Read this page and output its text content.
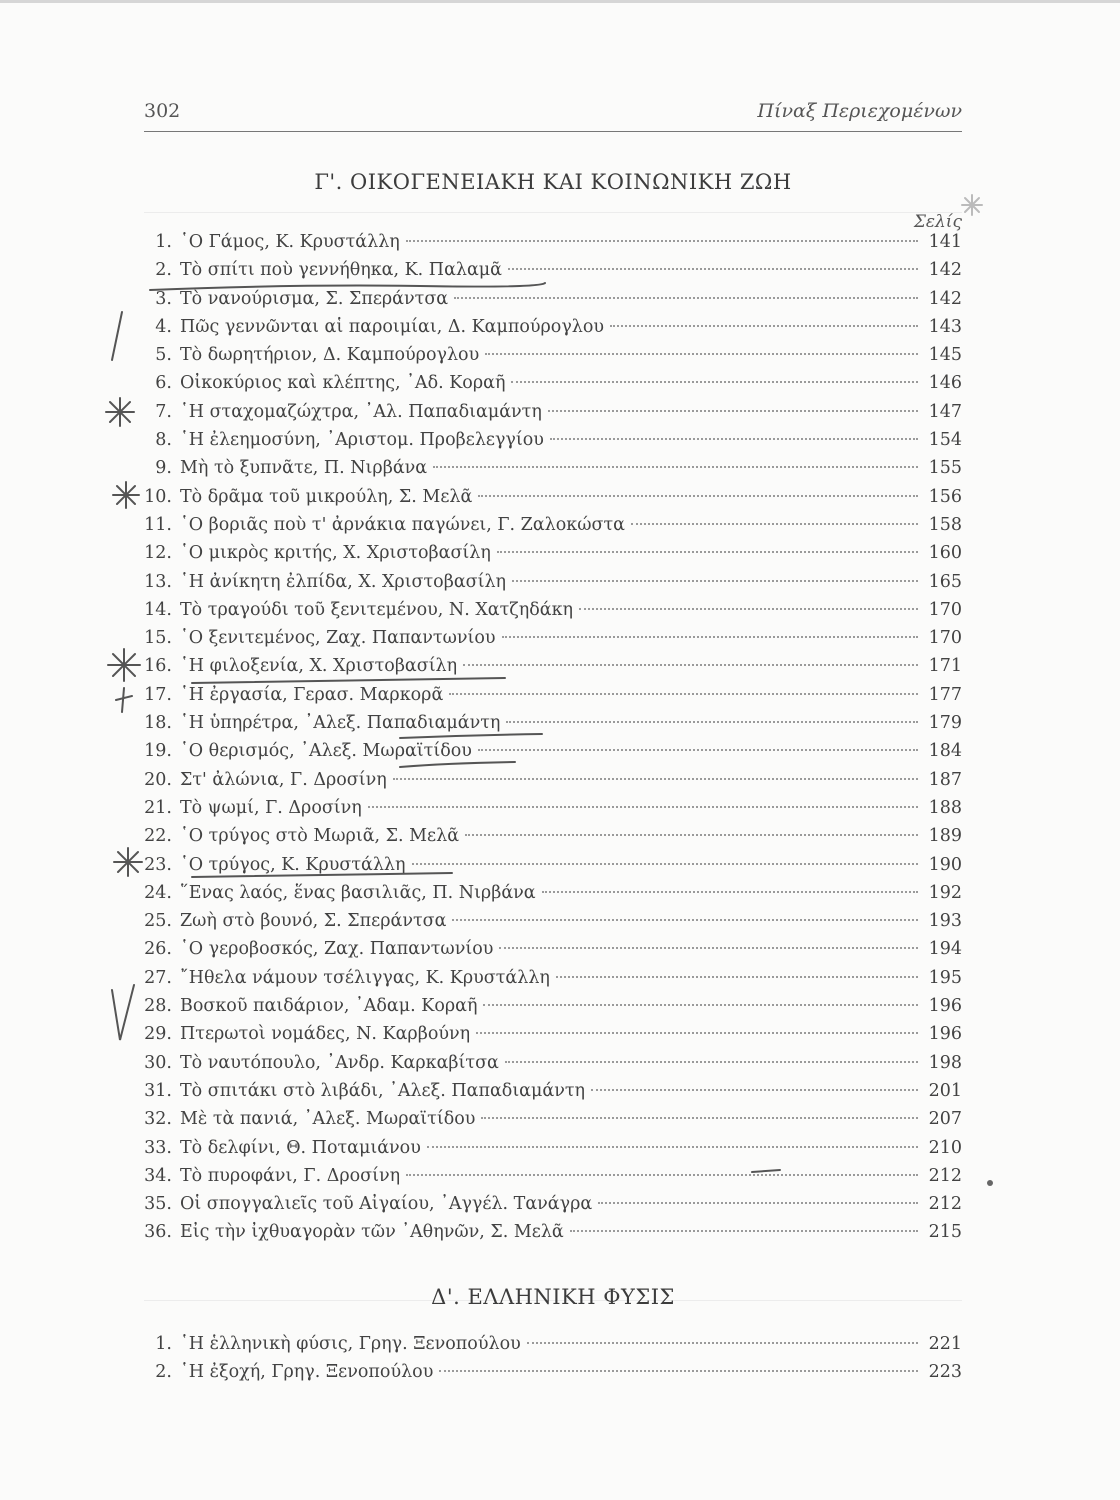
302	Πίναξ Περιεχομένων
Γ'. ΟΙΚΟΓΕΝΕΙΑΚΗ ΚΑΙ ΚΟΙΝΩΝΙΚΗ ΖΩΗ
Σελίς
1. ῾Ο Γάμος, Κ. Κρυστάλλη	141
2. Τὸ σπίτι ποὺ γεννήθηκα, Κ. Παλαμᾶ	142
3. Τὸ νανούρισμα, Σ. Σπεράντσα	142
4. Πῶς γεννῶνται αἱ παροιμίαι, Δ. Καμπούρογλου	143
5. Τὸ δωρητήριον, Δ. Καμπούρογλου	145
6. Οἰκοκύριος καὶ κλέπτης, ᾿Αδ. Κοραῆ	146
7. ῾Η σταχομαζώχτρα, ᾿Αλ. Παπαδιαμάντη	147
8. ῾Η ἐλεημοσύνη, ᾿Αριστομ. Προβελεγγίου	154
9. Μὴ τὸ ξυπνᾶτε, Π. Νιρβάνα	155
10. Τὸ δρᾶμα τοῦ μικρούλη, Σ. Μελᾶ	156
11. ῾Ο βοριᾶς ποὺ τ' ἀρνάκια παγώνει, Γ. Ζαλοκώστα	158
12. ῾Ο μικρὸς κριτής, Χ. Χριστοβασίλη	160
13. ῾Η ἀνίκητη ἐλπίδα, Χ. Χριστοβασίλη	165
14. Τὸ τραγούδι τοῦ ξενιτεμένου, Ν. Χατζηδάκη	170
15. ῾Ο ξενιτεμένος, Ζαχ. Παπαντωνίου	170
16. ῾Η φιλοξενία, Χ. Χριστοβασίλη	171
17. ῾Η ἐργασία, Γερασ. Μαρκορᾶ	177
18. ῾Η ὑπηρέτρα, ᾿Αλεξ. Παπαδιαμάντη	179
19. ῾Ο θερισμός, ᾿Αλεξ. Μωραϊτίδου	184
20. Στ' ἀλώνια, Γ. Δροσίνη	187
21. Τὸ ψωμί, Γ. Δροσίνη	188
22. ῾Ο τρύγος στὸ Μωριᾶ, Σ. Μελᾶ	189
23. ῾Ο τρύγος, Κ. Κρυστάλλη	190
24. ῞Ενας λαός, ἕνας βασιλιᾶς, Π. Νιρβάνα	192
25. Ζωὴ στὸ βουνό, Σ. Σπεράντσα	193
26. ῾Ο γεροβοσκός, Ζαχ. Παπαντωνίου	194
27. ῎Ηθελα νάμουν τσέλιγγας, Κ. Κρυστάλλη	195
28. Βοσκοῦ παιδάριον, ᾿Αδαμ. Κοραῆ	196
29. Πτερωτοὶ νομάδες, Ν. Καρβούνη	196
30. Τὸ ναυτόπουλο, ᾿Ανδρ. Καρκαβίτσα	198
31. Τὸ σπιτάκι στὸ λιβάδι, ᾿Αλεξ. Παπαδιαμάντη	201
32. Μὲ τὰ πανιά, ᾿Αλεξ. Μωραϊτίδου	207
33. Τὸ δελφίνι, Θ. Ποταμιάνου	210
34. Τὸ πυροφάνι, Γ. Δροσίνη	212
35. Οἱ σπογγαλιεῖς τοῦ Αἰγαίου, ᾿Αγγέλ. Τανάγρα	212
36. Εἰς τὴν ἰχθυαγορὰν τῶν ᾿Αθηνῶν, Σ. Μελᾶ	215
Δ'. ΕΛΛΗΝΙΚΗ ΦΥΣΙΣ
1. ῾Η ἑλληνικὴ φύσις, Γρηγ. Ξενοπούλου	221
2. ῾Η ἐξοχή, Γρηγ. Ξενοπούλου	223
